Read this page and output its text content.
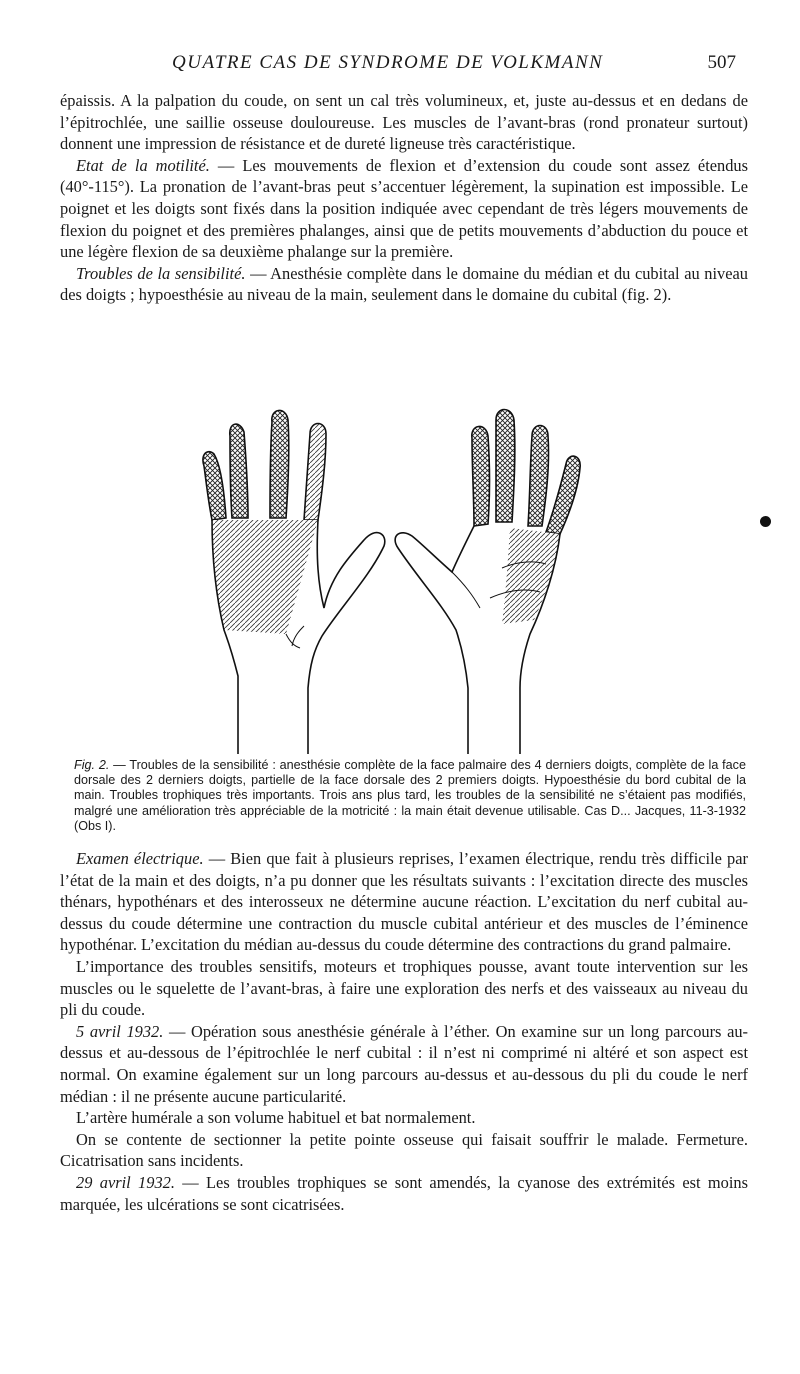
QUATRE CAS DE SYNDROME DE VOLKMANN	507

épaissis. A la palpation du coude, on sent un cal très volumineux, et, juste au-dessus et en dedans de l’épitrochlée, une saillie osseuse douloureuse. Les muscles de l’avant-bras (rond pronateur surtout) donnent une impression de résistance et de dureté ligneuse très caractéristique.

Etat de la motilité. — Les mouvements de flexion et d’extension du coude sont assez étendus (40°-115°). La pronation de l’avant-bras peut s’accentuer légèrement, la supination est impossible. Le poignet et les doigts sont fixés dans la position indiquée avec cependant de très légers mouvements de flexion du poignet et des premières phalanges, ainsi que de petits mouvements d’abduction du pouce et une légère flexion de sa deuxième phalange sur la première.

Troubles de la sensibilité. — Anesthésie complète dans le domaine du médian et du cubital au niveau des doigts ; hypoesthésie au niveau de la main, seulement dans le domaine du cubital (fig. 2).

Fig. 2. — Troubles de la sensibilité : anesthésie complète de la face palmaire des 4 derniers doigts, complète de la face dorsale des 2 derniers doigts, partielle de la face dorsale des 2 premiers doigts. Hypoesthésie du bord cubital de la main. Troubles trophiques très importants. Trois ans plus tard, les troubles de la sensibilité ne s’étaient pas modifiés, malgré une amélioration très appréciable de la motricité : la main était devenue utilisable. Cas D... Jacques, 11-3-1932 (Obs I).

Examen électrique. — Bien que fait à plusieurs reprises, l’examen électrique, rendu très difficile par l’état de la main et des doigts, n’a pu donner que les résultats suivants : l’excitation directe des muscles thénars, hypothénars et des interosseux ne détermine aucune réaction. L’excitation du nerf cubital au-dessus du coude détermine une contraction du muscle cubital antérieur et des muscles de l’éminence hypothénar. L’excitation du médian au-dessus du coude détermine des contractions du grand palmaire.

L’importance des troubles sensitifs, moteurs et trophiques pousse, avant toute intervention sur les muscles ou le squelette de l’avant-bras, à faire une exploration des nerfs et des vaisseaux au niveau du pli du coude.

5 avril 1932. — Opération sous anesthésie générale à l’éther. On examine sur un long parcours au-dessus et au-dessous de l’épitrochlée le nerf cubital : il n’est ni comprimé ni altéré et son aspect est normal. On examine également sur un long parcours au-dessus et au-dessous du pli du coude le nerf médian : il ne présente aucune particularité.

L’artère humérale a son volume habituel et bat normalement.

On se contente de sectionner la petite pointe osseuse qui faisait souffrir le malade. Fermeture. Cicatrisation sans incidents.

29 avril 1932. — Les troubles trophiques se sont amendés, la cyanose des extrémités est moins marquée, les ulcérations se sont cicatrisées.
